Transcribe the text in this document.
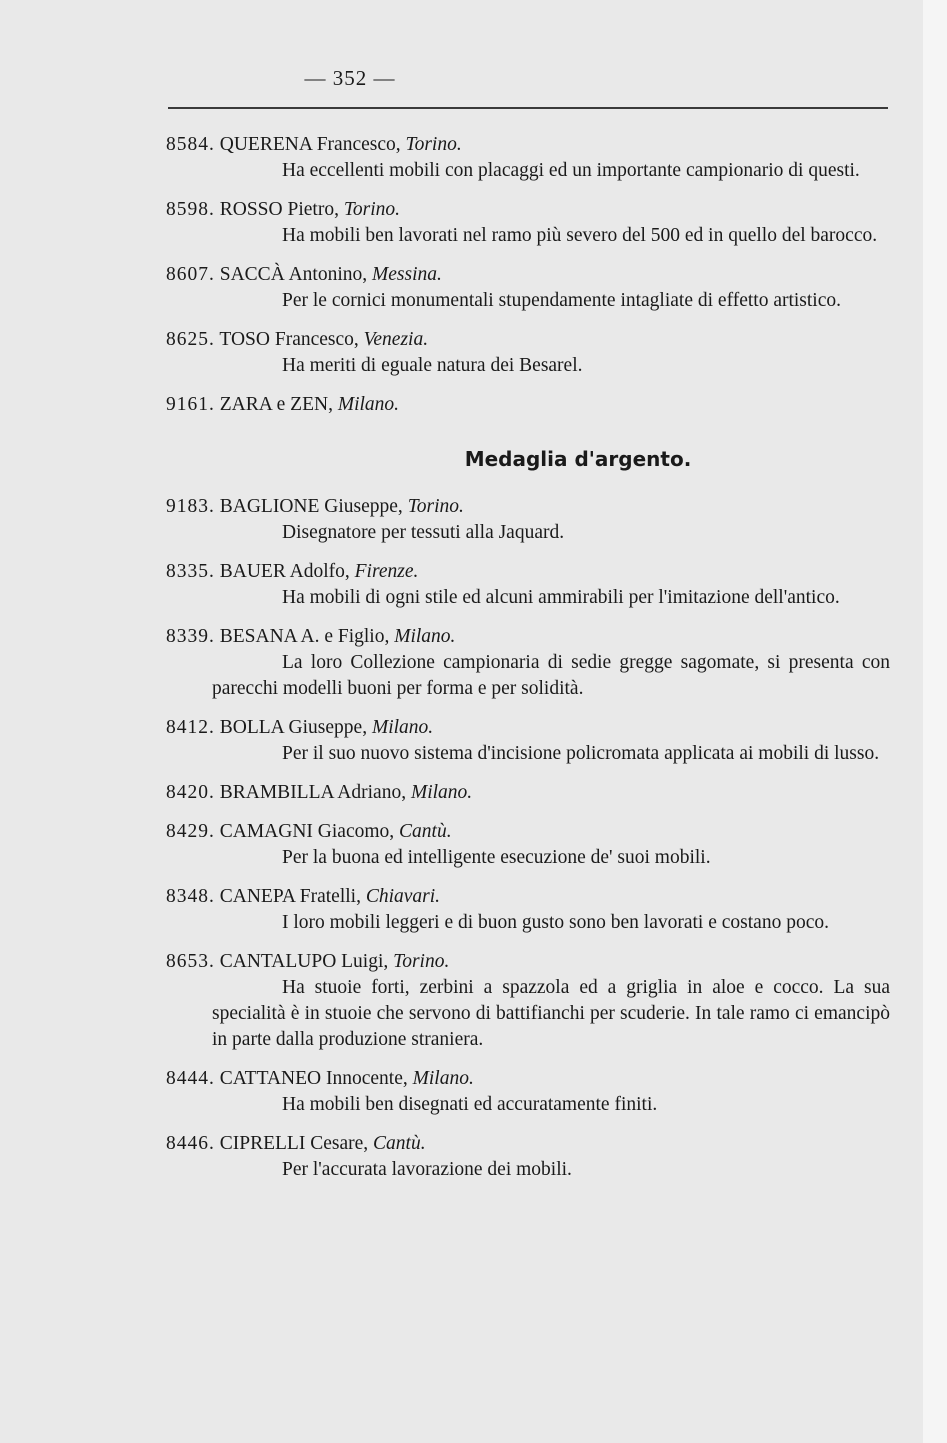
— 352 —
8584. QUERENA Francesco, Torino.
Ha eccellenti mobili con placaggi ed un importante campionario di questi.
8598. ROSSO Pietro, Torino.
Ha mobili ben lavorati nel ramo più severo del 500 ed in quello del barocco.
8607. SACCÀ Antonino, Messina.
Per le cornici monumentali stupendamente intagliate di effetto artistico.
8625. TOSO Francesco, Venezia.
Ha meriti di eguale natura dei Besarel.
9161. ZARA e ZEN, Milano.
Medaglia d'argento.
9183. BAGLIONE Giuseppe, Torino.
Disegnatore per tessuti alla Jaquard.
8335. BAUER Adolfo, Firenze.
Ha mobili di ogni stile ed alcuni ammirabili per l'imitazione dell'antico.
8339. BESANA A. e Figlio, Milano.
La loro Collezione campionaria di sedie gregge sagomate, si presenta con parecchi modelli buoni per forma e per solidità.
8412. BOLLA Giuseppe, Milano.
Per il suo nuovo sistema d'incisione policromata applicata ai mobili di lusso.
8420. BRAMBILLA Adriano, Milano.
8429. CAMAGNI Giacomo, Cantù.
Per la buona ed intelligente esecuzione de' suoi mobili.
8348. CANEPA Fratelli, Chiavari.
I loro mobili leggeri e di buon gusto sono ben lavorati e costano poco.
8653. CANTALUPO Luigi, Torino.
Ha stuoie forti, zerbini a spazzola ed a griglia in aloe e cocco. La sua specialità è in stuoie che servono di battifianchi per scuderie. In tale ramo ci emancipò in parte dalla produzione straniera.
8444. CATTANEO Innocente, Milano.
Ha mobili ben disegnati ed accuratamente finiti.
8446. CIPRELLI Cesare, Cantù.
Per l'accurata lavorazione dei mobili.
